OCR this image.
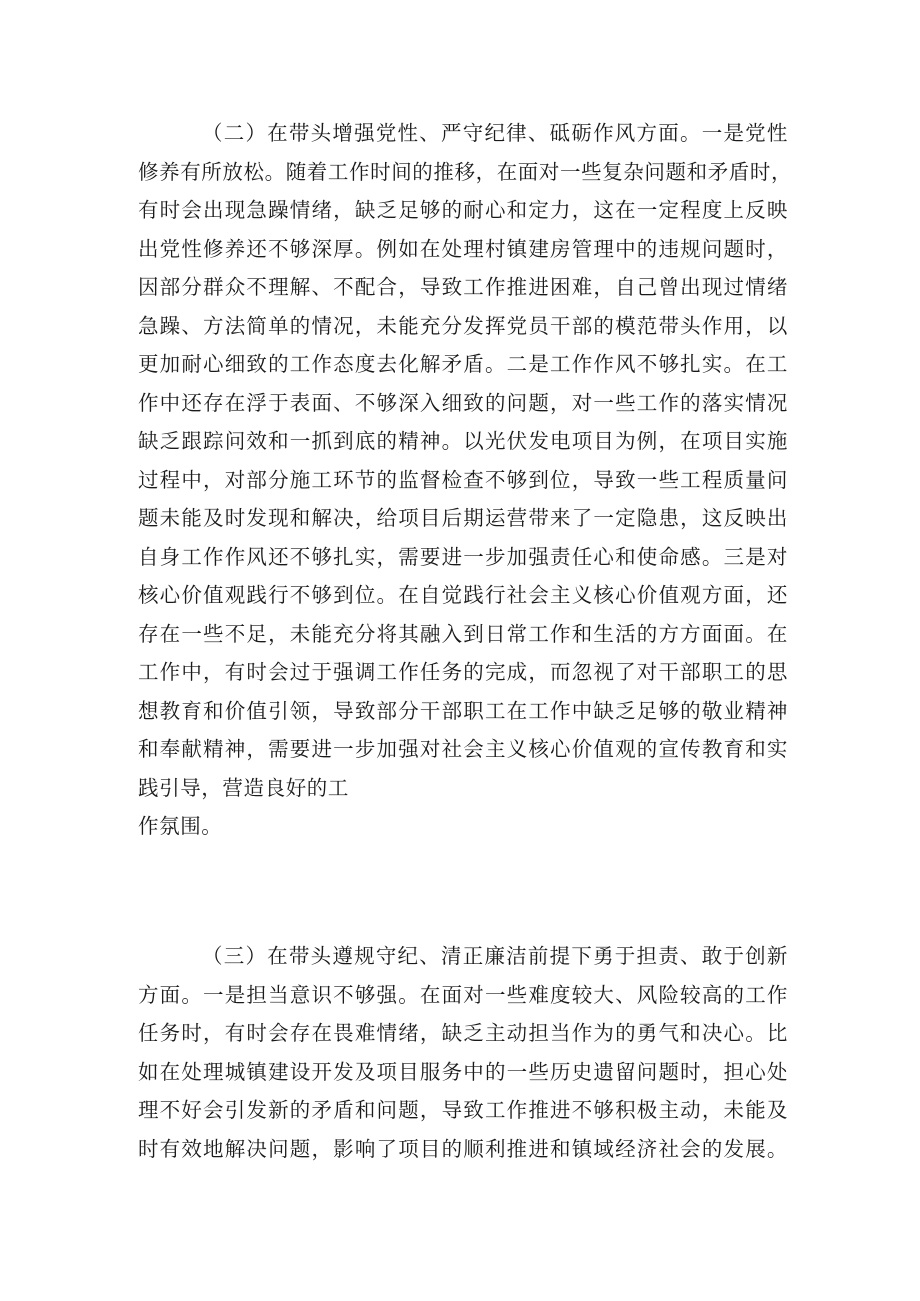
（二）在带头增强党性、严守纪律、砥砺作风方面。一是党性
修养有所放松。随着工作时间的推移，在面对一些复杂问题和矛盾时，
有时会出现急躁情绪，缺乏足够的耐心和定力，这在一定程度上反映
出党性修养还不够深厚。例如在处理村镇建房管理中的违规问题时，
因部分群众不理解、不配合，导致工作推进困难，自己曾出现过情绪
急躁、方法简单的情况，未能充分发挥党员干部的模范带头作用，以
更加耐心细致的工作态度去化解矛盾。二是工作作风不够扎实。在工
作中还存在浮于表面、不够深入细致的问题，对一些工作的落实情况
缺乏跟踪问效和一抓到底的精神。以光伏发电项目为例，在项目实施
过程中，对部分施工环节的监督检查不够到位，导致一些工程质量问
题未能及时发现和解决，给项目后期运营带来了一定隐患，这反映出
自身工作作风还不够扎实，需要进一步加强责任心和使命感。三是对
核心价值观践行不够到位。在自觉践行社会主义核心价值观方面，还
存在一些不足，未能充分将其融入到日常工作和生活的方方面面。在
工作中，有时会过于强调工作任务的完成，而忽视了对干部职工的思
想教育和价值引领，导致部分干部职工在工作中缺乏足够的敬业精神
和奉献精神，需要进一步加强对社会主义核心价值观的宣传教育和实
践引导，营造良好的工
作氛围。
（三）在带头遵规守纪、清正廉洁前提下勇于担责、敢于创新
方面。一是担当意识不够强。在面对一些难度较大、风险较高的工作
任务时，有时会存在畏难情绪，缺乏主动担当作为的勇气和决心。比
如在处理城镇建设开发及项目服务中的一些历史遗留问题时，担心处
理不好会引发新的矛盾和问题，导致工作推进不够积极主动，未能及
时有效地解决问题，影响了项目的顺利推进和镇域经济社会的发展。
